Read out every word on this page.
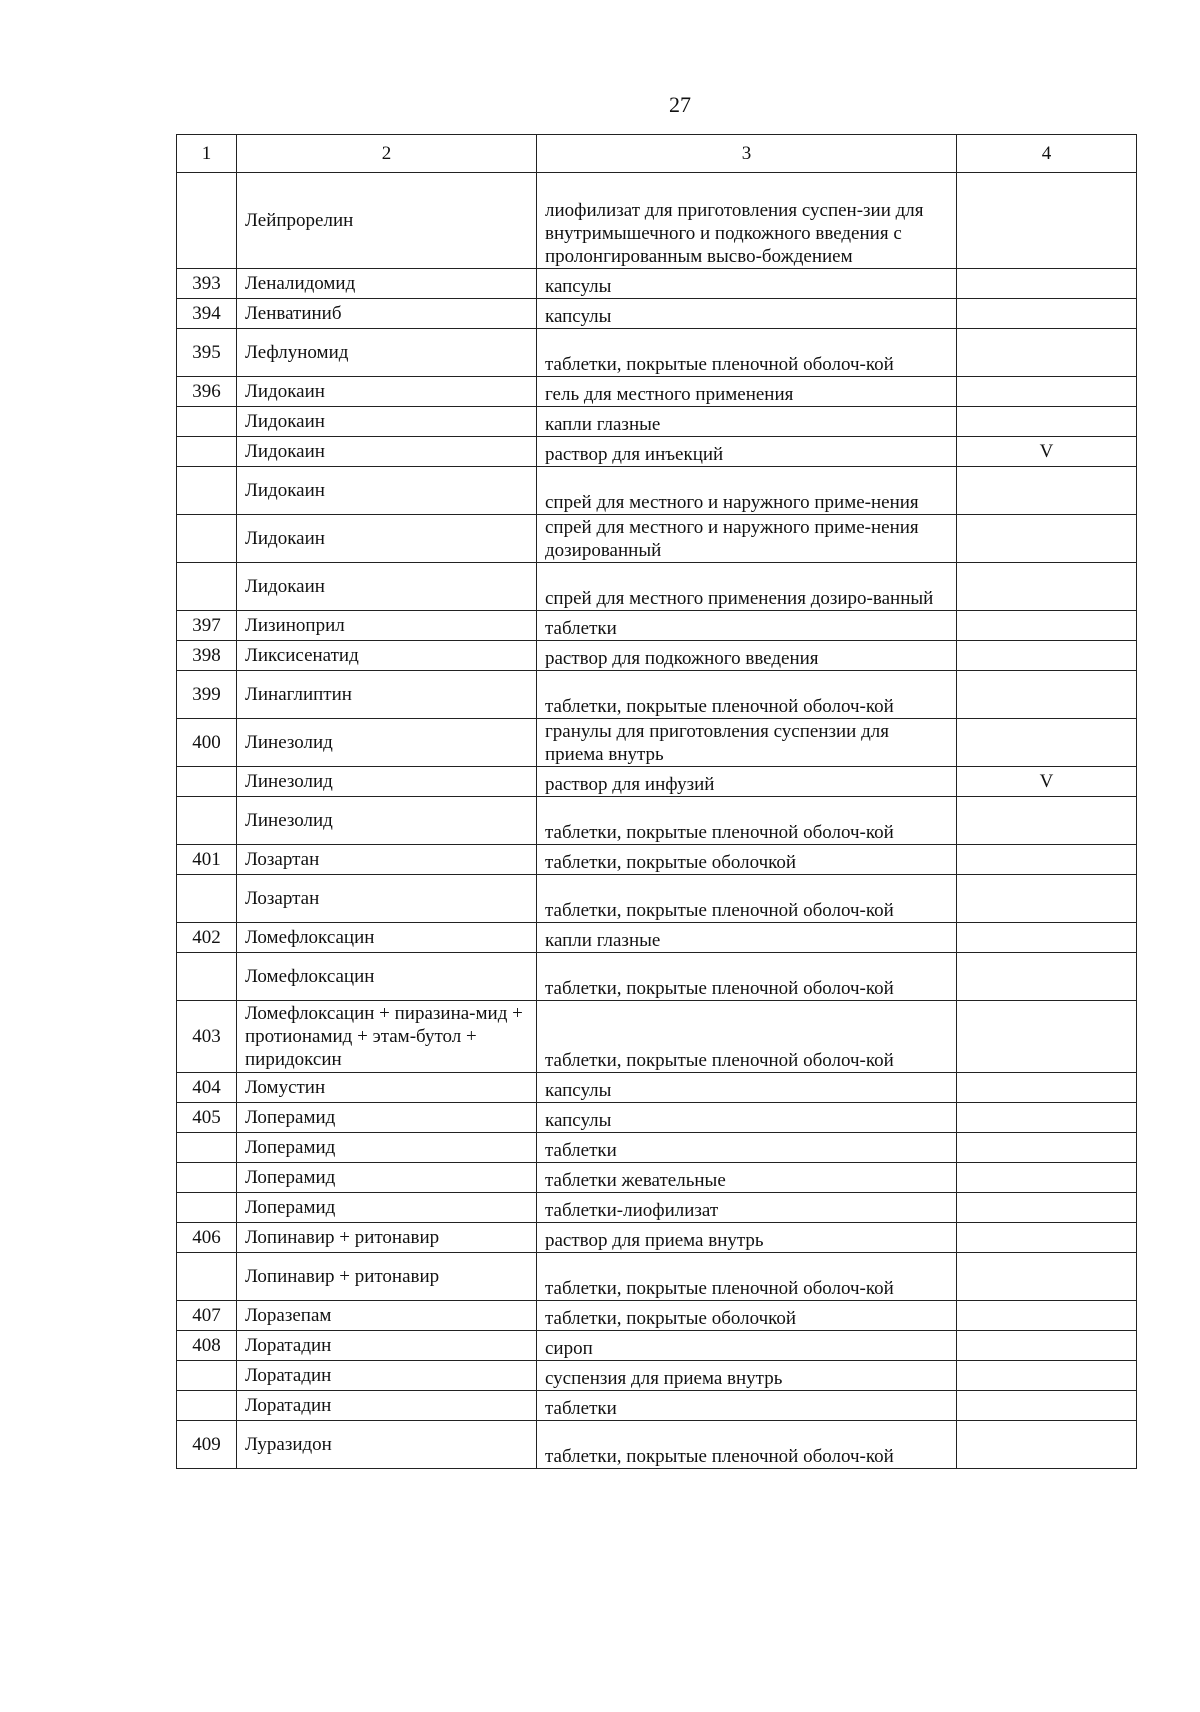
27
1	2	3	4
	Лейпрорелин	лиофилизат для приготовления суспен-зии для внутримышечного и подкожного введения с пролонгированным высво-бождением	
393	Леналидомид	капсулы	
394	Ленватиниб	капсулы	
395	Лефлуномид	таблетки, покрытые пленочной оболоч-кой	
396	Лидокаин	гель для местного применения	
	Лидокаин	капли глазные	
	Лидокаин	раствор для инъекций	V
	Лидокаин	спрей для местного и наружного приме-нения	
	Лидокаин	спрей для местного и наружного приме-нения дозированный	
	Лидокаин	спрей для местного применения дозиро-ванный	
397	Лизиноприл	таблетки	
398	Ликсисенатид	раствор для подкожного введения	
399	Линаглиптин	таблетки, покрытые пленочной оболоч-кой	
400	Линезолид	гранулы для приготовления суспензии для приема внутрь	
	Линезолид	раствор для инфузий	V
	Линезолид	таблетки, покрытые пленочной оболоч-кой	
401	Лозартан	таблетки, покрытые оболочкой	
	Лозартан	таблетки, покрытые пленочной оболоч-кой	
402	Ломефлоксацин	капли глазные	
	Ломефлоксацин	таблетки, покрытые пленочной оболоч-кой	
403	Ломефлоксацин + пиразина-мид + протионамид + этам-бутол + пиридоксин	таблетки, покрытые пленочной оболоч-кой	
404	Ломустин	капсулы	
405	Лоперамид	капсулы	
	Лоперамид	таблетки	
	Лоперамид	таблетки жевательные	
	Лоперамид	таблетки-лиофилизат	
406	Лопинавир + ритонавир	раствор для приема внутрь	
	Лопинавир + ритонавир	таблетки, покрытые пленочной оболоч-кой	
407	Лоразепам	таблетки, покрытые оболочкой	
408	Лоратадин	сироп	
	Лоратадин	суспензия для приема внутрь	
	Лоратадин	таблетки	
409	Луразидон	таблетки, покрытые пленочной оболоч-кой	
